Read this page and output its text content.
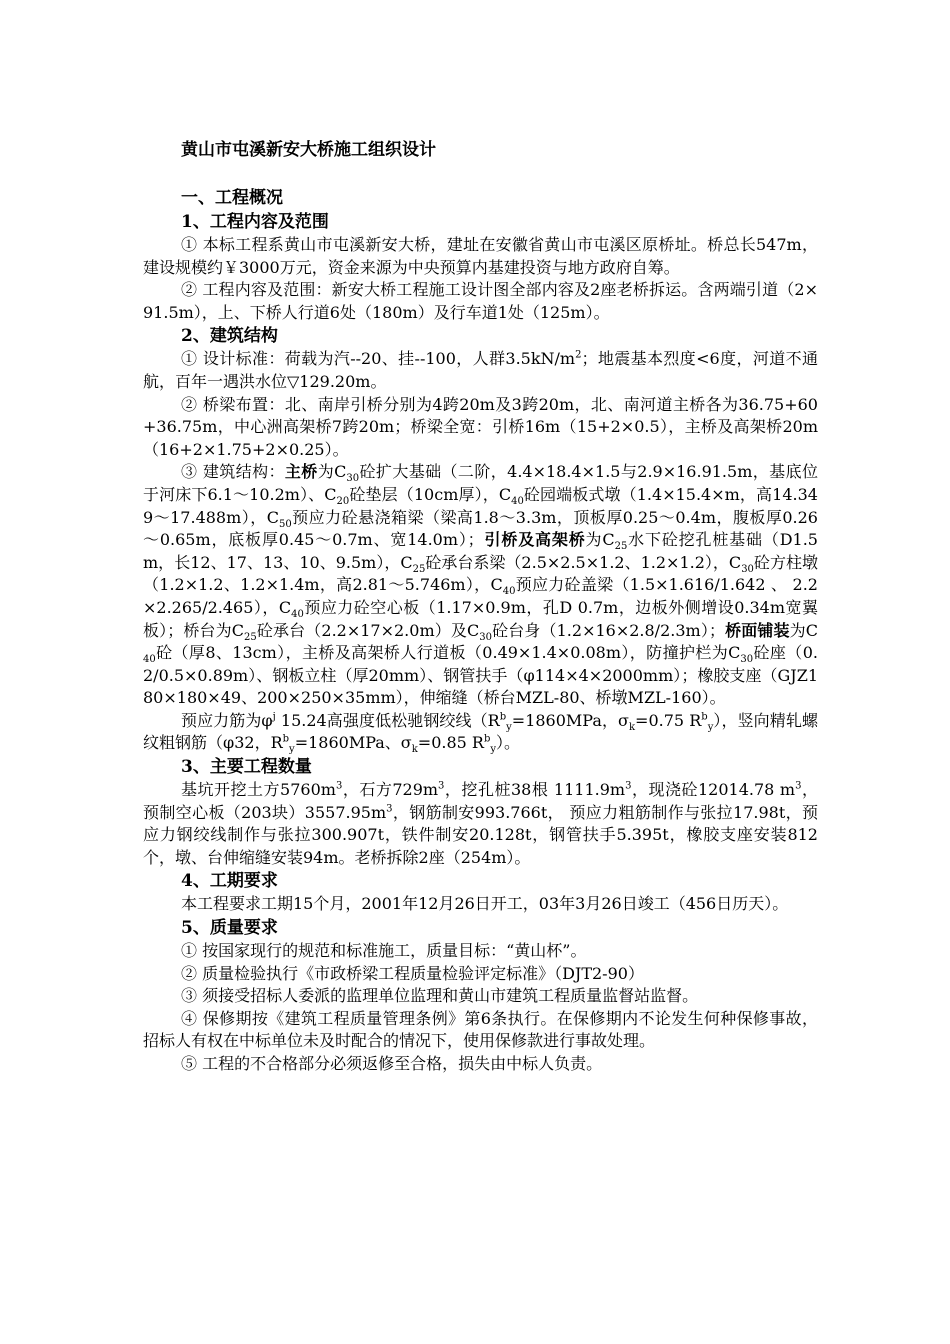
黄山市屯溪新安大桥施工组织设计
一、工程概况
1、工程内容及范围

① 本标工程系黄山市屯溪新安大桥，建址在安徽省黄山市屯溪区原桥址。桥总长547m，建设规模约￥3000万元，资金来源为中央预算内基建投资与地方政府自筹。

② 工程内容及范围：新安大桥工程施工设计图全部内容及2座老桥拆运。含两端引道（2×91.5m），上、下桥人行道6处（180m）及行车道1处（125m）。

2、建筑结构

① 设计标准：荷载为汽--20、挂--100，人群$3.5kN/m^2$；地震基本烈度<6度，河道不通航，百年一遇洪水位▽129.20m。

② 桥梁布置：北、南岸引桥分别为4跨20m及3跨20m，北、南河道主桥各为36.75+60+36.75m，中心洲高架桥7跨20m；桥梁全宽：引桥16m（15+2×0.5），主桥及高架桥20m（16+2×1.75+2×0.25）。

③ 建筑结构：主桥为$C_{30}$砼扩大基础（二阶，4.4×18.4×1.5与2.9×16.91.5m，基底位于河床下6.1～10.2m）、$C_{20}$砼垫层（10cm厚），$C_{40}$砼园端板式墩（1.4×15.4×m，高14.349～17.488m），$C_{50}$预应力砼悬浇箱梁（梁高1.8～3.3m，顶板厚0.25～0.4m，腹板厚0.26～0.65m，底板厚0.45～0.7m、宽14.0m）；引桥及高架桥为$C_{25}$水下砼挖孔桩基础（D1.5m，长12、17、13、10、9.5m），$C_{25}$砼承台系梁（2.5×2.5×1.2、1.2×1.2），$C_{30}$砼方柱墩（1.2×1.2、1.2×1.4m，高2.81～5.746m），$C_{40}$预应力砼盖梁（1.5×1.616/1.642 、 2.2×2.265/2.465），$C_{40}$预应力砼空心板（1.17×0.9m，孔D 0.7m，边板外侧增设0.34m宽翼板）；桥台为$C_{25}$砼承台（2.2×17×2.0m）及$C_{30}$砼台身（1.2×16×2.8/2.3m）；桥面铺装为$C_{40}$砼（厚8、13cm），主桥及高架桥人行道板（0.49×1.4×0.08m），防撞护栏为$C_{30}$砼座（0.2/0.5×0.89m）、钢板立柱（厚20mm）、钢管扶手（φ114×4×2000mm）；橡胶支座（GJZ180×180×49、200×250×35mm），伸缩缝（桥台MZL-80、桥墩MZL-160）。

预应力筋为$\varphi^j$ 15.24高强度低松驰钢绞线（$R^b_y=1860MPa$，$\sigma_k=0.75$ $R^b_y$），竖向精轧螺纹粗钢筋（φ32，$R^b_y=1860MPa$、$\sigma_k=0.85$ $R^b_y$）。

3、主要工程数量

基坑开挖土方$5760m^3$，石方$729m^3$，挖孔桩38根 $1111.9m^3$，现浇砼12014.78 $m^3$，预制空心板（203块）$3557.95m^3$，钢筋制安993.766t， 预应力粗筋制作与张拉17.98t，预应力钢绞线制作与张拉300.907t，铁件制安20.128t，钢管扶手5.395t，橡胶支座安装812个，墩、台伸缩缝安装94m。老桥拆除2座（254m）。

4、工期要求

本工程要求工期15个月，2001年12月26日开工，03年3月26日竣工（456日历天）。

5、质量要求

① 按国家现行的规范和标准施工，质量目标：“黄山杯”。

② 质量检验执行《市政桥梁工程质量检验评定标准》（DJT2-90）

③ 须接受招标人委派的监理单位监理和黄山市建筑工程质量监督站监督。

④ 保修期按《建筑工程质量管理条例》第6条执行。在保修期内不论发生何种保修事故，招标人有权在中标单位未及时配合的情况下，使用保修款进行事故处理。

⑤ 工程的不合格部分必须返修至合格，损失由中标人负责。
